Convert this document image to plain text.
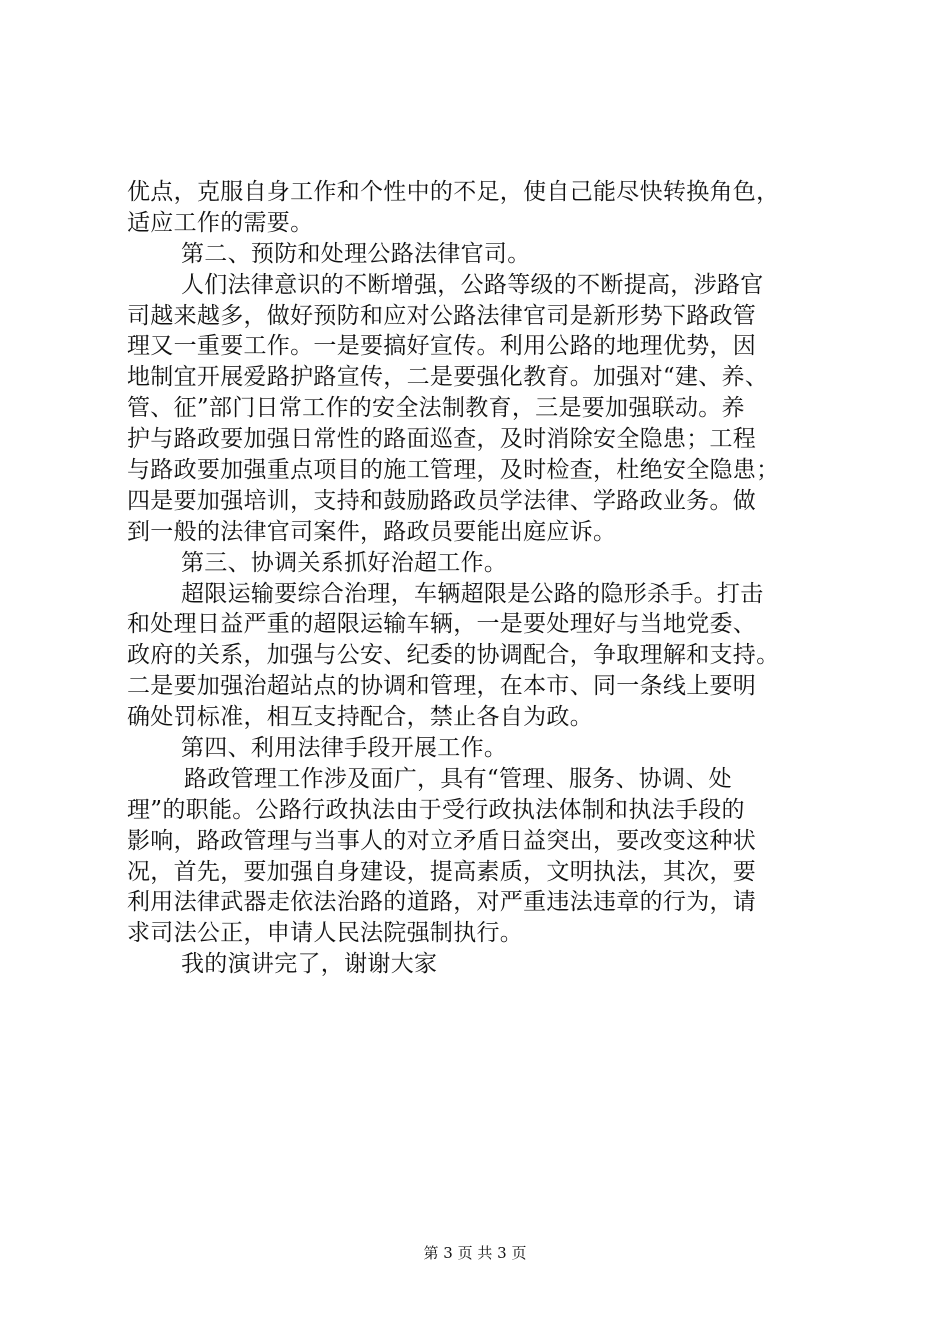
优点，克服自身工作和个性中的不足，使自己能尽快转换角色，
适应工作的需要。
第二、预防和处理公路法律官司。
人们法律意识的不断增强，公路等级的不断提高，涉路官
司越来越多，做好预防和应对公路法律官司是新形势下路政管
理又一重要工作。一是要搞好宣传。利用公路的地理优势，因
地制宜开展爱路护路宣传，二是要强化教育。加强对“建、养、
管、征”部门日常工作的安全法制教育，三是要加强联动。养
护与路政要加强日常性的路面巡查，及时消除安全隐患；工程
与路政要加强重点项目的施工管理，及时检查，杜绝安全隐患；
四是要加强培训，支持和鼓励路政员学法律、学路政业务。做
到一般的法律官司案件，路政员要能出庭应诉。
第三、协调关系抓好治超工作。
超限运输要综合治理，车辆超限是公路的隐形杀手。打击
和处理日益严重的超限运输车辆，一是要处理好与当地党委、
政府的关系，加强与公安、纪委的协调配合，争取理解和支持。
二是要加强治超站点的协调和管理，在本市、同一条线上要明
确处罚标准，相互支持配合，禁止各自为政。
第四、利用法律手段开展工作。
路政管理工作涉及面广，具有“管理、服务、协调、处
理”的职能。公路行政执法由于受行政执法体制和执法手段的
影响，路政管理与当事人的对立矛盾日益突出，要改变这种状
况，首先，要加强自身建设，提高素质，文明执法，其次，要
利用法律武器走依法治路的道路，对严重违法违章的行为，请
求司法公正，申请人民法院强制执行。
我的演讲完了，谢谢大家
第 3 页 共 3 页
